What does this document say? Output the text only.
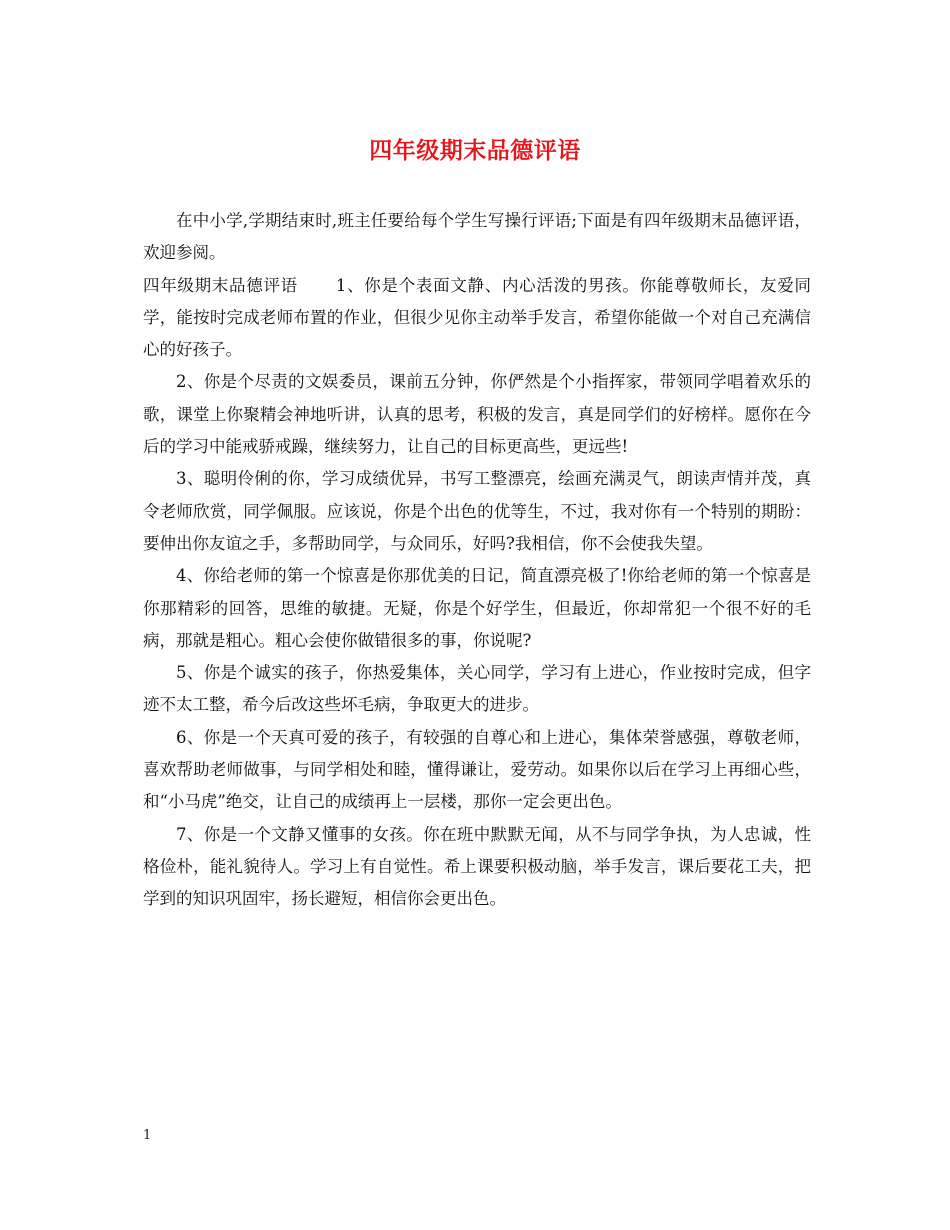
四年级期末品德评语

在中小学,学期结束时,班主任要给每个学生写操行评语;下面是有四年级期末品德评语，欢迎参阅。

四年级期末品德评语 1、你是个表面文静、内心活泼的男孩。你能尊敬师长，友爱同学，能按时完成老师布置的作业，但很少见你主动举手发言，希望你能做一个对自己充满信心的好孩子。

2、你是个尽责的文娱委员，课前五分钟，你俨然是个小指挥家，带领同学唱着欢乐的歌，课堂上你聚精会神地听讲，认真的思考，积极的发言，真是同学们的好榜样。愿你在今后的学习中能戒骄戒躁，继续努力，让自己的目标更高些，更远些!

3、聪明伶俐的你，学习成绩优异，书写工整漂亮，绘画充满灵气，朗读声情并茂，真令老师欣赏，同学佩服。应该说，你是个出色的优等生，不过，我对你有一个特别的期盼：要伸出你友谊之手，多帮助同学，与众同乐，好吗?我相信，你不会使我失望。

4、你给老师的第一个惊喜是你那优美的日记，简直漂亮极了!你给老师的第一个惊喜是你那精彩的回答，思维的敏捷。无疑，你是个好学生，但最近，你却常犯一个很不好的毛病，那就是粗心。粗心会使你做错很多的事，你说呢?

5、你是个诚实的孩子，你热爱集体，关心同学，学习有上进心，作业按时完成，但字迹不太工整，希今后改这些坏毛病，争取更大的进步。

6、你是一个天真可爱的孩子，有较强的自尊心和上进心，集体荣誉感强，尊敬老师，喜欢帮助老师做事，与同学相处和睦，懂得谦让，爱劳动。如果你以后在学习上再细心些，和“小马虎”绝交，让自己的成绩再上一层楼，那你一定会更出色。

7、你是一个文静又懂事的女孩。你在班中默默无闻，从不与同学争执，为人忠诚，性格俭朴，能礼貌待人。学习上有自觉性。希上课要积极动脑，举手发言，课后要花工夫，把学到的知识巩固牢，扬长避短，相信你会更出色。

1
